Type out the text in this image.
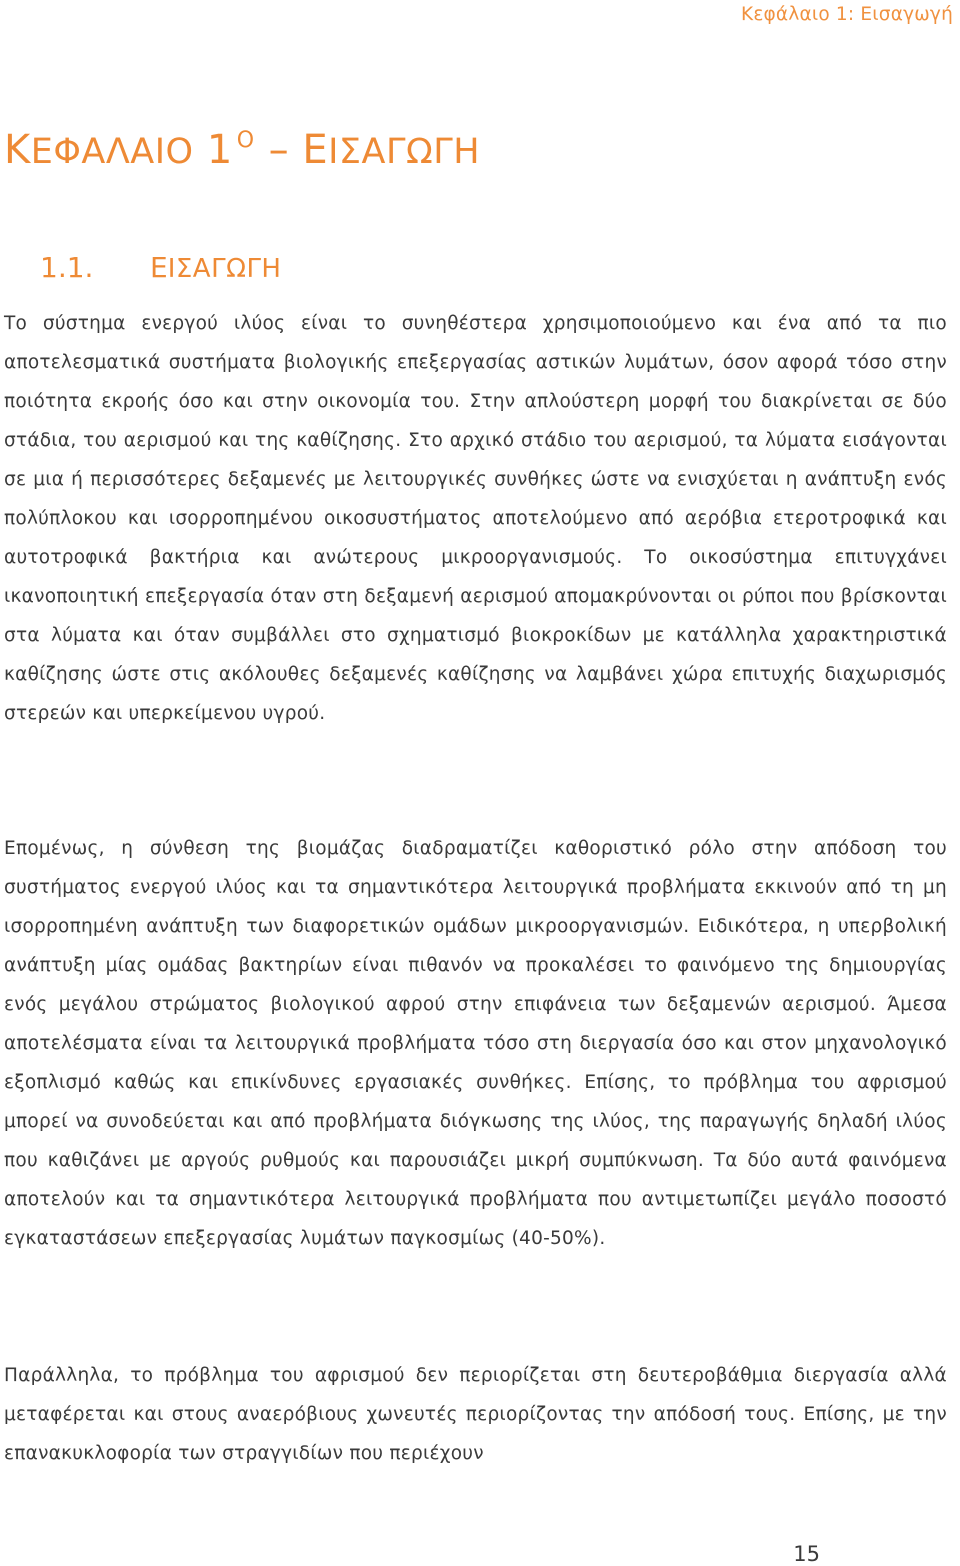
Κεφάλαιο 1: Εισαγωγή
ΚΕΦΑΛΑΙΟ 1 $^O$ – ΕΙΣΑΓΩΓΗ
1.1. ΕΙΣΑΓΩΓΗ

Το σύστημα ενεργού ιλύος είναι το συνηθέστερα χρησιμοποιούμενο και ένα από τα πιο αποτελεσματικά συστήματα βιολογικής επεξεργασίας αστικών λυμάτων, όσον αφορά τόσο στην ποιότητα εκροής όσο και στην οικονομία του. Στην απλούστερη μορφή του διακρίνεται σε δύο στάδια, του αερισμού και της καθίζησης. Στο αρχικό στάδιο του αερισμού, τα λύματα εισάγονται σε μια ή περισσότερες δεξαμενές με λειτουργικές συνθήκες ώστε να ενισχύεται η ανάπτυξη ενός πολύπλοκου και ισορροπημένου οικοσυστήματος αποτελούμενο από αερόβια ετεροτροφικά και αυτοτροφικά βακτήρια και ανώτερους μικροοργανισμούς. Το οικοσύστημα επιτυγχάνει ικανοποιητική επεξεργασία όταν στη δεξαμενή αερισμού απομακρύνονται οι ρύποι που βρίσκονται στα λύματα και όταν συμβάλλει στο σχηματισμό βιοκροκίδων με κατάλληλα χαρακτηριστικά καθίζησης ώστε στις ακόλουθες δεξαμενές καθίζησης να λαμβάνει χώρα επιτυχής διαχωρισμός στερεών και υπερκείμενου υγρού.

Επομένως, η σύνθεση της βιομάζας διαδραματίζει καθοριστικό ρόλο στην απόδοση του συστήματος ενεργού ιλύος και τα σημαντικότερα λειτουργικά προβλήματα εκκινούν από τη μη ισορροπημένη ανάπτυξη των διαφορετικών ομάδων μικροοργανισμών. Ειδικότερα, η υπερβολική ανάπτυξη μίας ομάδας βακτηρίων είναι πιθανόν να προκαλέσει το φαινόμενο της δημιουργίας ενός μεγάλου στρώματος βιολογικού αφρού στην επιφάνεια των δεξαμενών αερισμού. Άμεσα αποτελέσματα είναι τα λειτουργικά προβλήματα τόσο στη διεργασία όσο και στον μηχανολογικό εξοπλισμό καθώς και επικίνδυνες εργασιακές συνθήκες. Επίσης, το πρόβλημα του αφρισμού μπορεί να συνοδεύεται και από προβλήματα διόγκωσης της ιλύος, της παραγωγής δηλαδή ιλύος που καθιζάνει με αργούς ρυθμούς και παρουσιάζει μικρή συμπύκνωση. Τα δύο αυτά φαινόμενα αποτελούν και τα σημαντικότερα λειτουργικά προβλήματα που αντιμετωπίζει μεγάλο ποσοστό εγκαταστάσεων επεξεργασίας λυμάτων παγκοσμίως (40-50%).

Παράλληλα, το πρόβλημα του αφρισμού δεν περιορίζεται στη δευτεροβάθμια διεργασία αλλά μεταφέρεται και στους αναερόβιους χωνευτές περιορίζοντας την απόδοσή τους. Επίσης, με την επανακυκλοφορία των στραγγιδίων που περιέχουν

15
